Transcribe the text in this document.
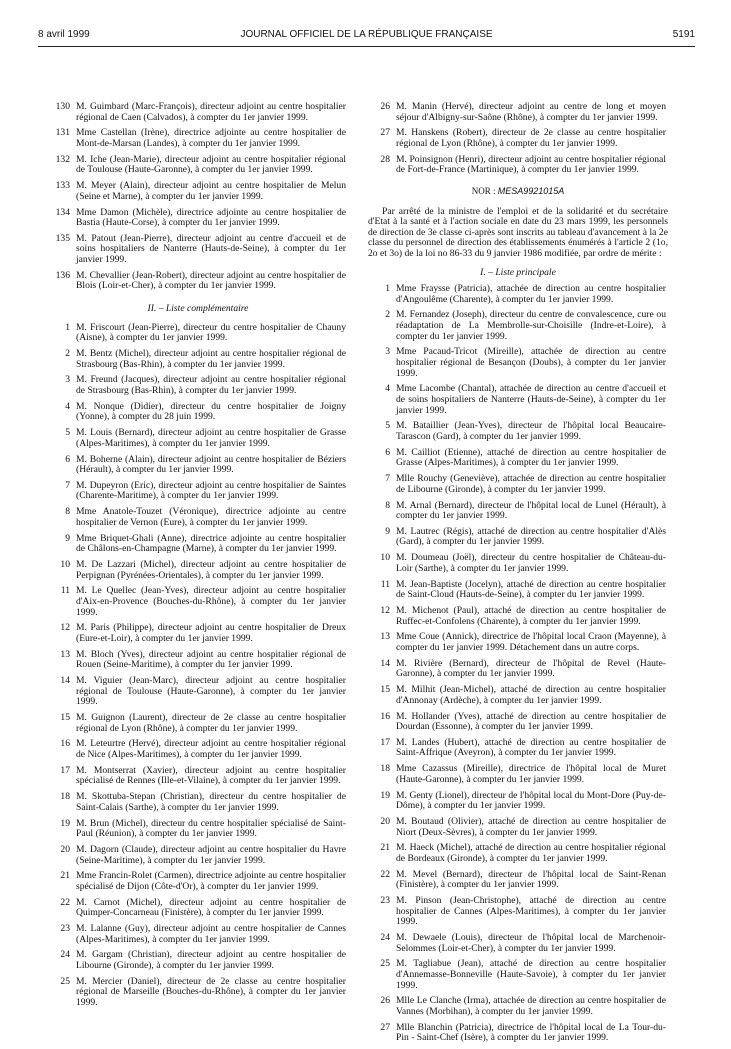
8 avril 1999	JOURNAL OFFICIEL DE LA RÉPUBLIQUE FRANÇAISE	5191
130 M. Guimbard (Marc-François), directeur adjoint au centre hospitalier régional de Caen (Calvados), à compter du 1er janvier 1999.
131 Mme Castellan (Irène), directrice adjointe au centre hospitalier de Mont-de-Marsan (Landes), à compter du 1er janvier 1999.
132 M. Iche (Jean-Marie), directeur adjoint au centre hospitalier régional de Toulouse (Haute-Garonne), à compter du 1er janvier 1999.
133 M. Meyer (Alain), directeur adjoint au centre hospitalier de Melun (Seine et Marne), à compter du 1er janvier 1999.
134 Mme Damon (Michèle), directrice adjointe au centre hospitalier de Bastia (Haute-Corse), à compter du 1er janvier 1999.
135 M. Patout (Jean-Pierre), directeur adjoint au centre d'accueil et de soins hospitaliers de Nanterre (Hauts-de-Seine), à compter du 1er janvier 1999.
136 M. Chevallier (Jean-Robert), directeur adjoint au centre hospitalier de Blois (Loir-et-Cher), à compter du 1er janvier 1999.
II. – Liste complémentaire
1 M. Friscourt (Jean-Pierre), directeur du centre hospitalier de Chauny (Aisne), à compter du 1er janvier 1999.
2 M. Bentz (Michel), directeur adjoint au centre hospitalier régional de Strasbourg (Bas-Rhin), à compter du 1er janvier 1999.
3 M. Freund (Jacques), directeur adjoint au centre hospitalier régional de Strasbourg (Bas-Rhin), à compter du 1er janvier 1999.
4 M. Nonque (Didier), directeur du centre hospitalier de Joigny (Yonne), à compter du 28 juin 1999.
5 M. Louis (Bernard), directeur adjoint au centre hospitalier de Grasse (Alpes-Maritimes), à compter du 1er janvier 1999.
6 M. Boherne (Alain), directeur adjoint au centre hospitalier de Béziers (Hérault), à compter du 1er janvier 1999.
7 M. Dupeyron (Eric), directeur adjoint au centre hospitalier de Saintes (Charente-Maritime), à compter du 1er janvier 1999.
8 Mme Anatole-Touzet (Véronique), directrice adjointe au centre hospitalier de Vernon (Eure), à compter du 1er janvier 1999.
9 Mme Briquet-Ghali (Anne), directrice adjointe au centre hospitalier de Châlons-en-Champagne (Marne), à compter du 1er janvier 1999.
10 M. De Lazzari (Michel), directeur adjoint au centre hospitalier de Perpignan (Pyrénées-Orientales), à compter du 1er janvier 1999.
11 M. Le Quellec (Jean-Yves), directeur adjoint au centre hospitalier d'Aix-en-Provence (Bouches-du-Rhône), à compter du 1er janvier 1999.
12 M. Paris (Philippe), directeur adjoint au centre hospitalier de Dreux (Eure-et-Loir), à compter du 1er janvier 1999.
13 M. Bloch (Yves), directeur adjoint au centre hospitalier régional de Rouen (Seine-Maritime), à compter du 1er janvier 1999.
14 M. Viguier (Jean-Marc), directeur adjoint au centre hospitalier régional de Toulouse (Haute-Garonne), à compter du 1er janvier 1999.
15 M. Guignon (Laurent), directeur de 2e classe au centre hospitalier régional de Lyon (Rhône), à compter du 1er janvier 1999.
16 M. Leteurtre (Hervé), directeur adjoint au centre hospitalier régional de Nice (Alpes-Maritimes), à compter du 1er janvier 1999.
17 M. Montserrat (Xavier), directeur adjoint au centre hospitalier spécialisé de Rennes (Ille-et-Vilaine), à compter du 1er janvier 1999.
18 M. Skottuba-Stepan (Christian), directeur du centre hospitalier de Saint-Calais (Sarthe), à compter du 1er janvier 1999.
19 M. Brun (Michel), directeur du centre hospitalier spécialisé de Saint-Paul (Réunion), à compter du 1er janvier 1999.
20 M. Dagorn (Claude), directeur adjoint au centre hospitalier du Havre (Seine-Maritime), à compter du 1er janvier 1999.
21 Mme Francin-Rolet (Carmen), directrice adjointe au centre hospitalier spécialisé de Dijon (Côte-d'Or), à compter du 1er janvier 1999.
22 M. Carnot (Michel), directeur adjoint au centre hospitalier de Quimper-Concarneau (Finistère), à compter du 1er janvier 1999.
23 M. Lalanne (Guy), directeur adjoint au centre hospitalier de Cannes (Alpes-Maritimes), à compter du 1er janvier 1999.
24 M. Gargam (Christian), directeur adjoint au centre hospitalier de Libourne (Gironde), à compter du 1er janvier 1999.
25 M. Mercier (Daniel), directeur de 2e classe au centre hospitalier régional de Marseille (Bouches-du-Rhône), à compter du 1er janvier 1999.
26 M. Manin (Hervé), directeur adjoint au centre de long et moyen séjour d'Albigny-sur-Saône (Rhône), à compter du 1er janvier 1999.
27 M. Hanskens (Robert), directeur de 2e classe au centre hospitalier régional de Lyon (Rhône), à compter du 1er janvier 1999.
28 M. Poinsignon (Henri), directeur adjoint au centre hospitalier régional de Fort-de-France (Martinique), à compter du 1er janvier 1999.
NOR : MESA9921015A

Par arrêté de la ministre de l'emploi et de la solidarité et du secrétaire d'Etat à la santé et à l'action sociale en date du 23 mars 1999, les personnels de direction de 3e classe ci-après sont inscrits au tableau d'avancement à la 2e classe du personnel de direction des établissements énumérés à l'article 2 (1o, 2o et 3o) de la loi no 86-33 du 9 janvier 1986 modifiée, par ordre de mérite :

I. – Liste principale
1 Mme Fraysse (Patricia), attachée de direction au centre hospitalier d'Angoulême (Charente), à compter du 1er janvier 1999.
2 M. Fernandez (Joseph), directeur du centre de convalescence, cure ou réadaptation de La Membrolle-sur-Choisille (Indre-et-Loire), à compter du 1er janvier 1999.
3 Mme Pacaud-Tricot (Mireille), attachée de direction au centre hospitalier régional de Besançon (Doubs), à compter du 1er janvier 1999.
4 Mme Lacombe (Chantal), attachée de direction au centre d'accueil et de soins hospitaliers de Nanterre (Hauts-de-Seine), à compter du 1er janvier 1999.
5 M. Bataillier (Jean-Yves), directeur de l'hôpital local Beaucaire-Tarascon (Gard), à compter du 1er janvier 1999.
6 M. Cailliot (Etienne), attaché de direction au centre hospitalier de Grasse (Alpes-Maritimes), à compter du 1er janvier 1999.
7 Mlle Rouchy (Geneviève), attachée de direction au centre hospitalier de Libourne (Gironde), à compter du 1er janvier 1999.
8 M. Arnal (Bernard), directeur de l'hôpital local de Lunel (Hérault), à compter du 1er janvier 1999.
9 M. Lautrec (Régis), attaché de direction au centre hospitalier d'Alès (Gard), à compter du 1er janvier 1999.
10 M. Doumeau (Joël), directeur du centre hospitalier de Château-du-Loir (Sarthe), à compter du 1er janvier 1999.
11 M. Jean-Baptiste (Jocelyn), attaché de direction au centre hospitalier de Saint-Cloud (Hauts-de-Seine), à compter du 1er janvier 1999.
12 M. Michenot (Paul), attaché de direction au centre hospitalier de Ruffec-et-Confolens (Charente), à compter du 1er janvier 1999.
13 Mme Coue (Annick), directrice de l'hôpital local Craon (Mayenne), à compter du 1er janvier 1999. Détachement dans un autre corps.
14 M. Rivière (Bernard), directeur de l'hôpital de Revel (Haute-Garonne), à compter du 1er janvier 1999.
15 M. Milhit (Jean-Michel), attaché de direction au centre hospitalier d'Annonay (Ardèche), à compter du 1er janvier 1999.
16 M. Hollander (Yves), attaché de direction au centre hospitalier de Dourdan (Essonne), à compter du 1er janvier 1999.
17 M. Landes (Hubert), attaché de direction au centre hospitalier de Saint-Affrique (Aveyron), à compter du 1er janvier 1999.
18 Mme Cazassus (Mireille), directrice de l'hôpital local de Muret (Haute-Garonne), à compter du 1er janvier 1999.
19 M. Genty (Lionel), directeur de l'hôpital local du Mont-Dore (Puy-de-Dôme), à compter du 1er janvier 1999.
20 M. Boutaud (Olivier), attaché de direction au centre hospitalier de Niort (Deux-Sèvres), à compter du 1er janvier 1999.
21 M. Haeck (Michel), attaché de direction au centre hospitalier régional de Bordeaux (Gironde), à compter du 1er janvier 1999.
22 M. Mevel (Bernard), directeur de l'hôpital local de Saint-Renan (Finistère), à compter du 1er janvier 1999.
23 M. Pinson (Jean-Christophe), attaché de direction au centre hospitalier de Cannes (Alpes-Maritimes), à compter du 1er janvier 1999.
24 M. Dewaele (Louis), directeur de l'hôpital local de Marchenoir-Selommes (Loir-et-Cher), à compter du 1er janvier 1999.
25 M. Tagliabue (Jean), attaché de direction au centre hospitalier d'Annemasse-Bonneville (Haute-Savoie), à compter du 1er janvier 1999.
26 Mlle Le Clanche (Irma), attachée de direction au centre hospitalier de Vannes (Morbihan), à compter du 1er janvier 1999.
27 Mlle Blanchin (Patricia), directrice de l'hôpital local de La Tour-du-Pin - Saint-Chef (Isère), à compter du 1er janvier 1999.
